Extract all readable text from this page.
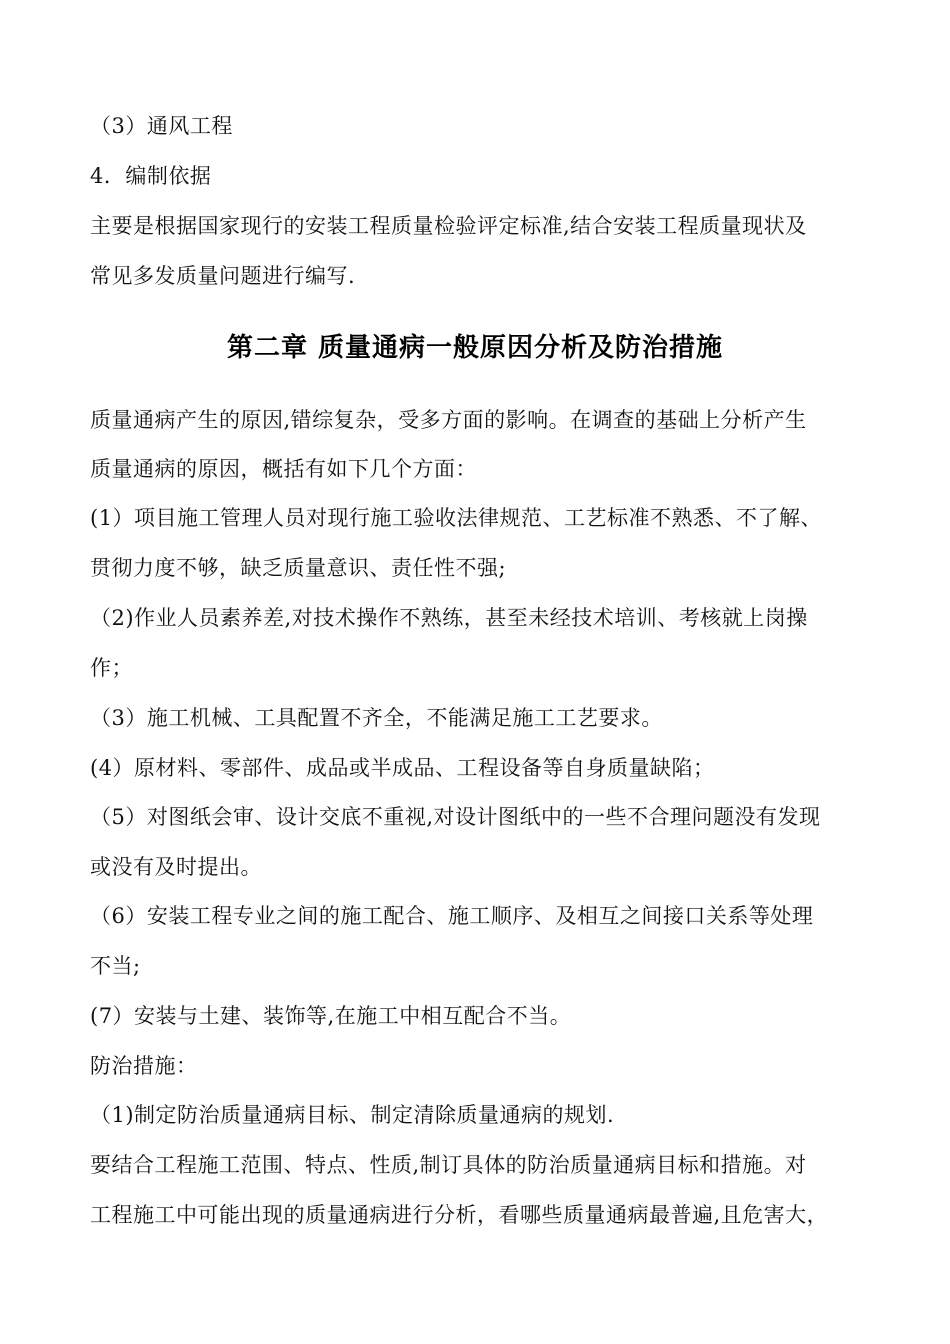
（3）通风工程
4．编制依据
主要是根据国家现行的安装工程质量检验评定标准,结合安装工程质量现状及
常见多发质量问题进行编写.
第二章 质量通病一般原因分析及防治措施
质量通病产生的原因,错综复杂，受多方面的影响。在调查的基础上分析产生
质量通病的原因，概括有如下几个方面：
(1）项目施工管理人员对现行施工验收法律规范、工艺标准不熟悉、不了解、
贯彻力度不够，缺乏质量意识、责任性不强;
（2)作业人员素养差,对技术操作不熟练，甚至未经技术培训、考核就上岗操
作；
（3）施工机械、工具配置不齐全，不能满足施工工艺要求。
(4）原材料、零部件、成品或半成品、工程设备等自身质量缺陷；
（5）对图纸会审、设计交底不重视,对设计图纸中的一些不合理问题没有发现
或没有及时提出。
（6）安装工程专业之间的施工配合、施工顺序、及相互之间接口关系等处理
不当;
(7）安装与土建、装饰等,在施工中相互配合不当。
防治措施：
（1)制定防治质量通病目标、制定清除质量通病的规划.
要结合工程施工范围、特点、性质,制订具体的防治质量通病目标和措施。对
工程施工中可能出现的质量通病进行分析，看哪些质量通病最普遍,且危害大，
